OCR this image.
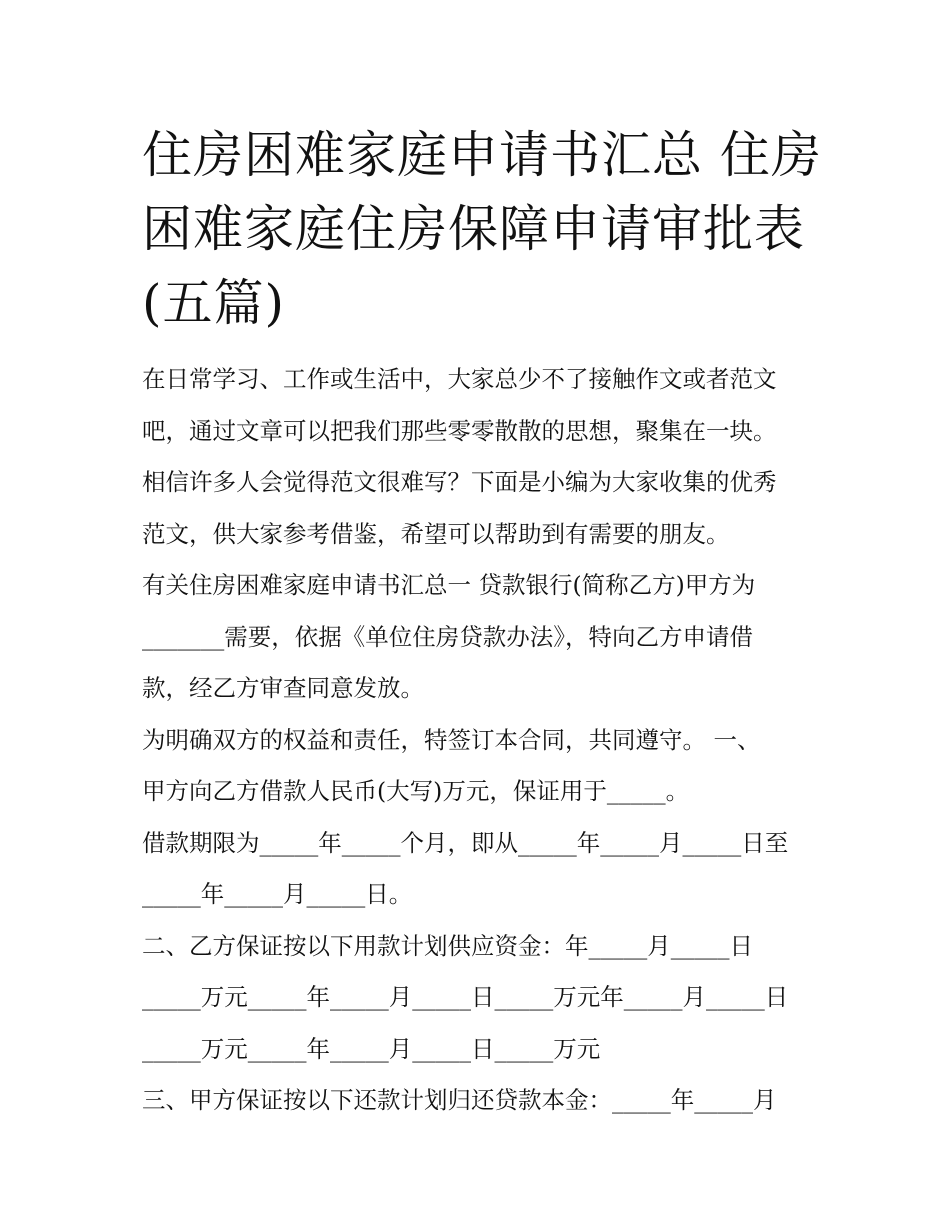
住房困难家庭申请书汇总 住房
困难家庭住房保障申请审批表
(五篇)
在日常学习、工作或生活中，大家总少不了接触作文或者范文
吧，通过文章可以把我们那些零零散散的思想，聚集在一块。
相信许多人会觉得范文很难写？下面是小编为大家收集的优秀
范文，供大家参考借鉴，希望可以帮助到有需要的朋友。
有关住房困难家庭申请书汇总一 贷款银行(简称乙方)甲方为
_______需要，依据《单位住房贷款办法》，特向乙方申请借
款，经乙方审查同意发放。
为明确双方的权益和责任，特签订本合同，共同遵守。 一、
甲方向乙方借款人民币(大写)万元，保证用于_____。
借款期限为_____年_____个月，即从_____年_____月_____日至
_____年_____月_____日。
二、乙方保证按以下用款计划供应资金：年_____月_____日
_____万元_____年_____月_____日_____万元年_____月_____日
_____万元_____年_____月_____日_____万元
三、甲方保证按以下还款计划归还贷款本金：_____年_____月
